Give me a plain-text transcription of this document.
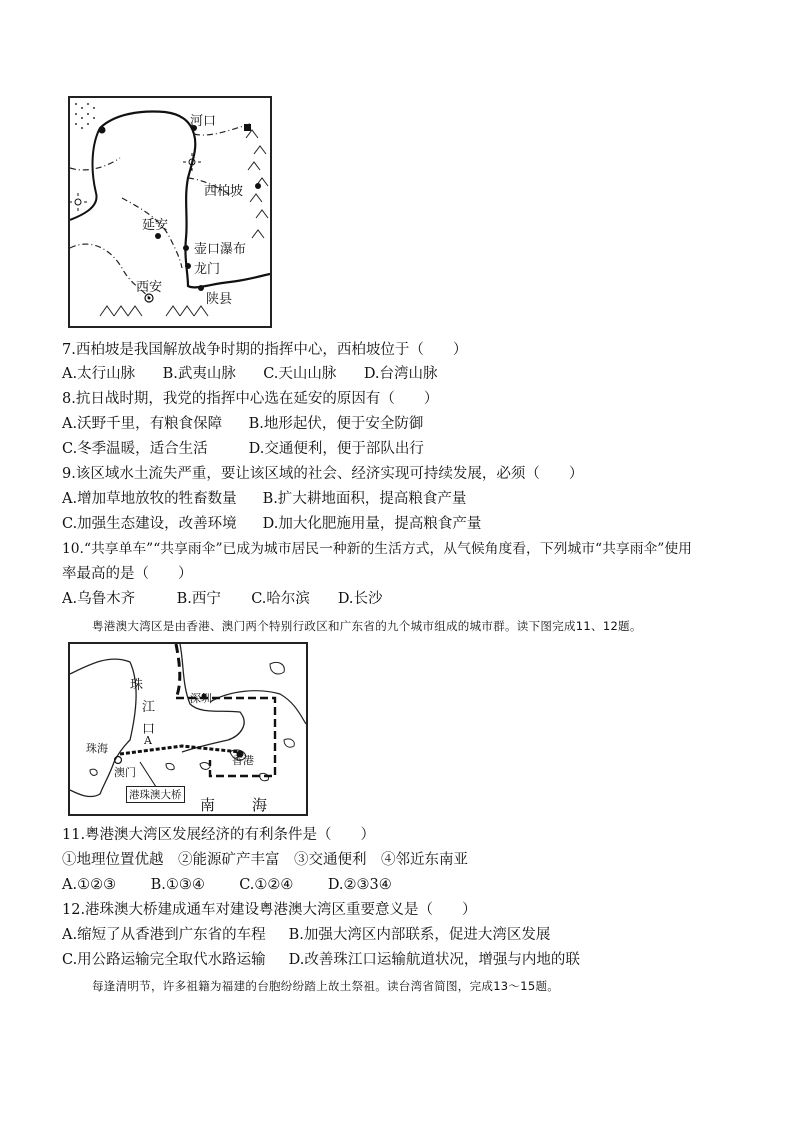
河口
西柏坡
延安
壶口瀑布
龙门
西安
陕县
7.西柏坡是我国解放战争时期的指挥中心，西柏坡位于（　　）
A.太行山脉 B.武夷山脉 C.天山山脉 D.台湾山脉
8.抗日战时期，我党的指挥中心选在延安的原因有（　　）
A.沃野千里，有粮食保障 B.地形起伏，便于安全防御
C.冬季温暖，适合生活	D.交通便利，便于部队出行
9.该区域水土流失严重，要让该区域的社会、经济实现可持续发展，必须（　　）
A.增加草地放牧的牲畜数量 B.扩大耕地面积，提高粮食产量
C.加强生态建设，改善环境 D.加大化肥施用量，提高粮食产量
10.“共享单车”“共享雨伞”已成为城市居民一种新的生活方式，从气候角度看，下列城市“共享雨伞”使用
率最高的是（　　）
A.乌鲁木齐	B.西宁 C.哈尔滨 D.长沙
粤港澳大湾区是由香港、澳门两个特别行政区和广东省的九个城市组成的城市群。读下图完成11、12题。
珠
江
口
深圳
珠海
A
澳门
香港
港珠澳大桥
南 海
11.粤港澳大湾区发展经济的有利条件是（　　）
①地理位置优越　②能源矿产丰富　③交通便利　④邻近东南亚
A.①②③ B.①③④ C.①②④ D.②③3④
12.港珠澳大桥建成通车对建设粤港澳大湾区重要意义是（　　）
A.缩短了从香港到广东省的车程 B.加强大湾区内部联系，促进大湾区发展
C.用公路运输完全取代水路运输 D.改善珠江口运输航道状况，增强与内地的联
每逢清明节，许多祖籍为福建的台胞纷纷踏上故土祭祖。读台湾省简图，完成13～15题。
